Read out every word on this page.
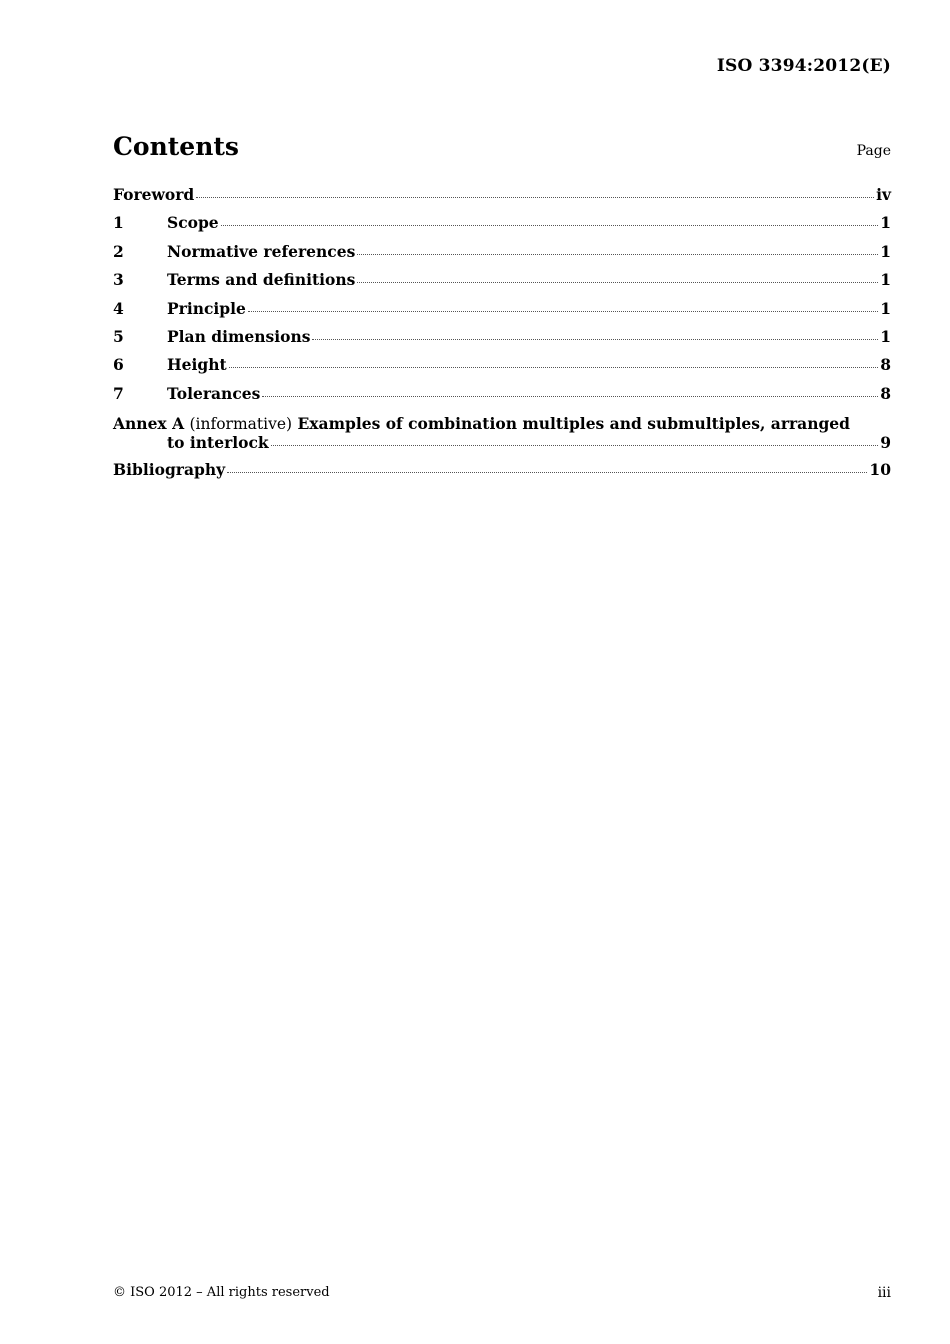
ISO 3394:2012(E)
Contents	Page
Foreword	iv
1	Scope	1
2	Normative references	1
3	Terms and definitions	1
4	Principle	1
5	Plan dimensions	1
6	Height	8
7	Tolerances	8
Annex A (informative) Examples of combination multiples and submultiples, arranged
to interlock	9
Bibliography	10
© ISO 2012 – All rights reserved	iii
